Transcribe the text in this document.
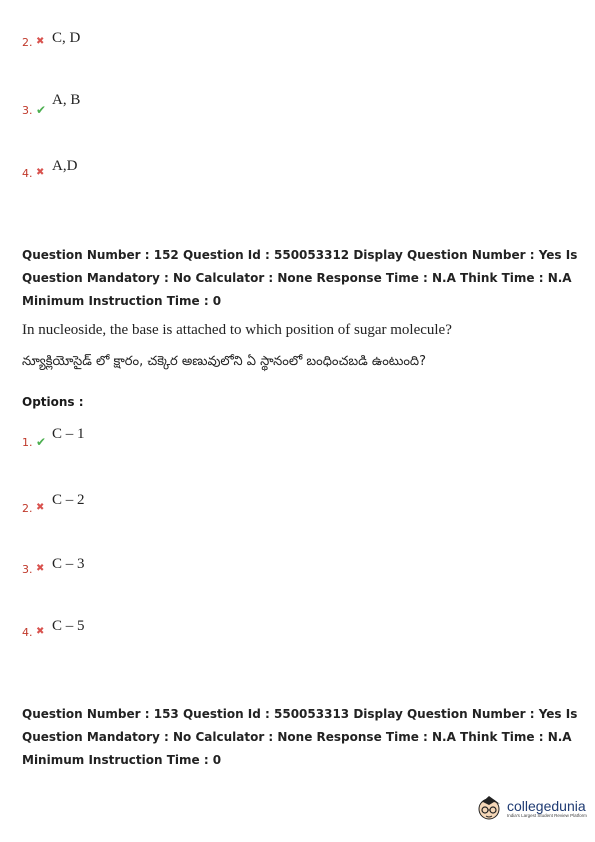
2. ✖ C, D
3. ✔
A, B
4. ✖ A,D
Question Number : 152 Question Id : 550053312 Display Question Number : Yes Is Question Mandatory : No Calculator : None Response Time : N.A Think Time : N.A Minimum Instruction Time : 0
In nucleoside, the base is attached to which position of sugar molecule?
న్యూక్లియోసైడ్ లో క్షారం, చక్కెర అణువులోని ఏ స్థానంలో బంధించబడి ఉంటుంది?
Options :
1. ✔ C – 1
2. ✖ C – 2
3. ✖ C – 3
4. ✖ C – 5
Question Number : 153 Question Id : 550053313 Display Question Number : Yes Is Question Mandatory : No Calculator : None Response Time : N.A Think Time : N.A Minimum Instruction Time : 0
collegedunia
India's Largest Student Review Platform
